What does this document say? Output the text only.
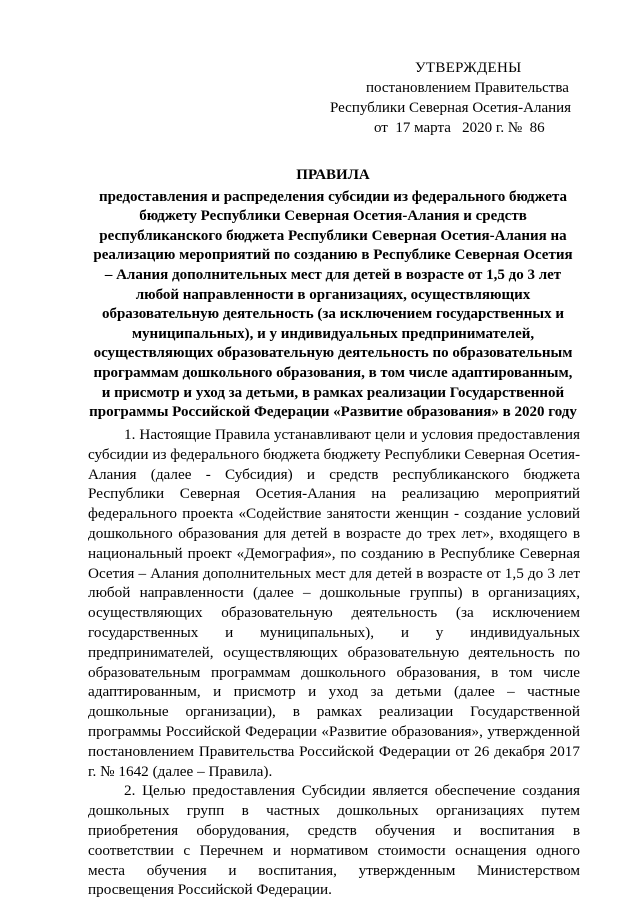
УТВЕРЖДЕНЫ
постановлением Правительства
Республики Северная Осетия-Алания
от 17 марта 2020 г. № 86
ПРАВИЛА
предоставления и распределения субсидии из федерального бюджета бюджету Республики Северная Осетия-Алания и средств республиканского бюджета Республики Северная Осетия-Алания на реализацию мероприятий по созданию в Республике Северная Осетия – Алания дополнительных мест для детей в возрасте от 1,5 до 3 лет любой направленности в организациях, осуществляющих образовательную деятельность (за исключением государственных и муниципальных), и у индивидуальных предпринимателей, осуществляющих образовательную деятельность по образовательным программам дошкольного образования, в том числе адаптированным, и присмотр и уход за детьми, в рамках реализации Государственной программы Российской Федерации «Развитие образования» в 2020 году

1. Настоящие Правила устанавливают цели и условия предоставления субсидии из федерального бюджета бюджету Республики Северная Осетия-Алания (далее - Субсидия) и средств республиканского бюджета Республики Северная Осетия-Алания на реализацию мероприятий федерального проекта «Содействие занятости женщин - создание условий дошкольного образования для детей в возрасте до трех лет», входящего в национальный проект «Демография», по созданию в Республике Северная Осетия – Алания дополнительных мест для детей в возрасте от 1,5 до 3 лет любой направленности (далее – дошкольные группы) в организациях, осуществляющих образовательную деятельность (за исключением государственных и муниципальных), и у индивидуальных предпринимателей, осуществляющих образовательную деятельность по образовательным программам дошкольного образования, в том числе адаптированным, и присмотр и уход за детьми (далее – частные дошкольные организации), в рамках реализации Государственной программы Российской Федерации «Развитие образования», утвержденной постановлением Правительства Российской Федерации от 26 декабря 2017 г. № 1642 (далее – Правила).

2. Целью предоставления Субсидии является обеспечение создания дошкольных групп в частных дошкольных организациях путем приобретения оборудования, средств обучения и воспитания в соответствии с Перечнем и нормативом стоимости оснащения одного места обучения и воспитания, утвержденным Министерством просвещения Российской Федерации.
